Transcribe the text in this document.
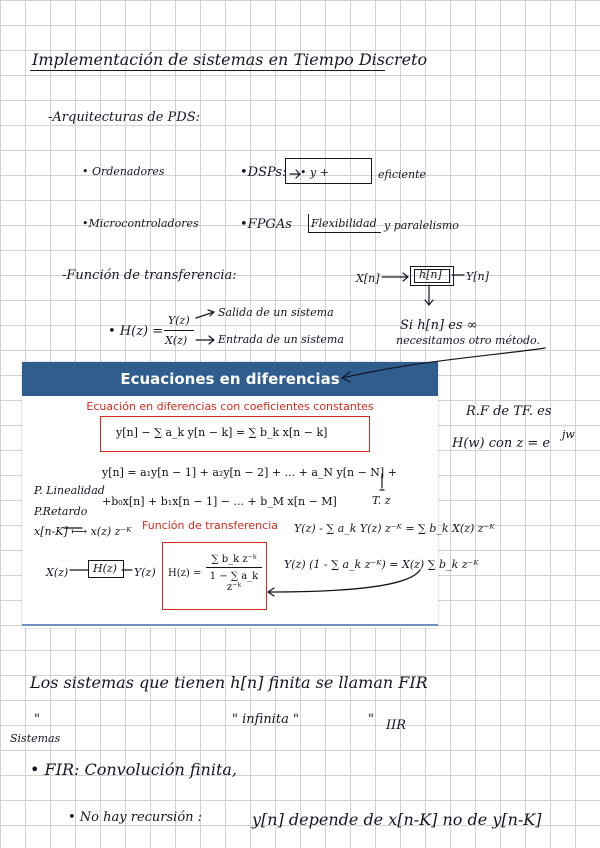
Implementación de sistemas en Tiempo Discreto
-Arquitecturas de PDS:
• Ordenadores	•DSPs: • y +	eficiente
•Microcontroladores	•FPGAs Flexibilidad y paralelismo
-Función de transferencia:	X[n]	h[n] Y[n]
• H(z) =
Y(z)
X(z)
Salida de un sistema
Entrada de un sistema
Si h[n] es ∞
necesitamos otro método.
Ecuaciones en diferencias
Ecuación en diferencias con coeficientes constantes
y[n] − ∑ a_k y[n − k] = ∑ b_k x[n − k]
y[n] = a₁y[n − 1] + a₂y[n − 2] + ... + a_N y[n − N] +
+b₀x[n] + b₁x[n − 1] − ... + b_M x[n − M]
Función de transferencia
$H(z) = \frac{\text{∑ b\_k z⁻ᵏ}}{\text{1 − ∑ a\_k z⁻ᵏ}}$
R.F de TF. es
H(w) con z = e
jw
P. Linealidad
P.Retardo
x[n-K] ⟼ x(z) z⁻ᴷ
T. z
Y(z) - ∑ a_k Y(z) z⁻ᴷ = ∑ b_k X(z) z⁻ᴷ
Y(z) (1 - ∑ a_k z⁻ᴷ) = X(z) ∑ b_k z⁻ᴷ
X(z) H(z) Y(z)
Los sistemas que tienen h[n] finita se llaman FIR
"	" infinita "	" IIR
Sistemas
• FIR: Convolución finita,
• No hay recursión :	y[n] depende de x[n-K] no de y[n-K]
